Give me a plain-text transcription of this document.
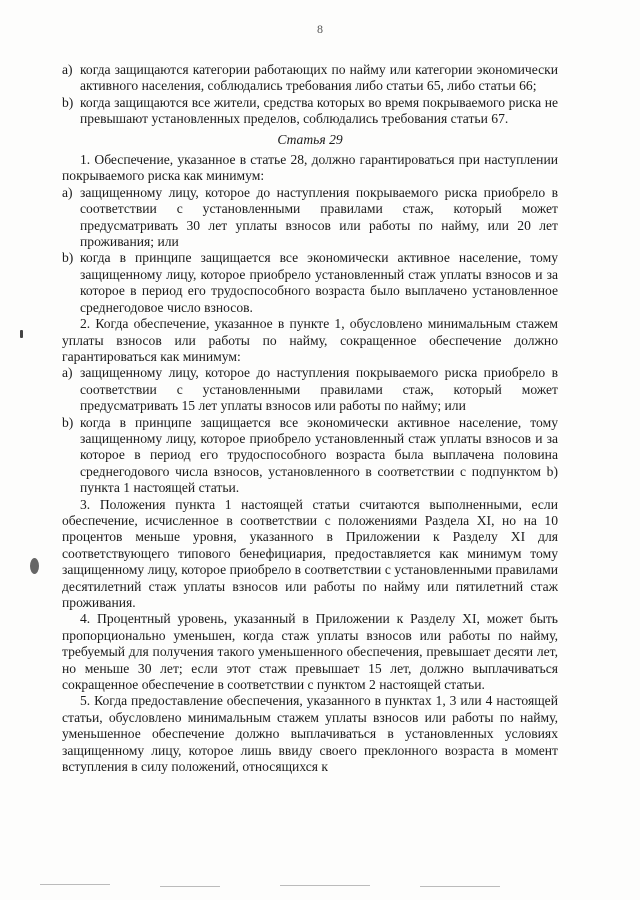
8
a) когда защищаются категории работающих по найму или категории экономически активного населения, соблюдались требования либо статьи 65, либо статьи 66;
b) когда защищаются все жители, средства которых во время покрываемого риска не превышают установленных пределов, соблюдались требования статьи 67.
Статья 29

1. Обеспечение, указанное в статье 28, должно гарантироваться при наступлении покрываемого риска как минимум:

a) защищенному лицу, которое до наступления покрываемого риска приобрело в соответствии с установленными правилами стаж, который может предусматривать 30 лет уплаты взносов или работы по найму, или 20 лет проживания; или
b) когда в принципе защищается все экономически активное население, тому защищенному лицу, которое приобрело установленный стаж уплаты взносов и за которое в период его трудоспособного возраста было выплачено установленное среднегодовое число взносов.

2. Когда обеспечение, указанное в пункте 1, обусловлено минимальным стажем уплаты взносов или работы по найму, сокращенное обеспечение должно гарантироваться как минимум:

a) защищенному лицу, которое до наступления покрываемого риска приобрело в соответствии с установленными правилами стаж, который может предусматривать 15 лет уплаты взносов или работы по найму; или
b) когда в принципе защищается все экономически активное население, тому защищенному лицу, которое приобрело установленный стаж уплаты взносов и за которое в период его трудоспособного возраста была выплачена половина среднегодового числа взносов, установленного в соответствии с подпунктом b) пункта 1 настоящей статьи.

3. Положения пункта 1 настоящей статьи считаются выполненными, если обеспечение, исчисленное в соответствии с положениями Раздела XI, но на 10 процентов меньше уровня, указанного в Приложении к Разделу XI для соответствующего типового бенефициария, предоставляется как минимум тому защищенному лицу, которое приобрело в соответствии с установленными правилами десятилетний стаж уплаты взносов или работы по найму или пятилетний стаж проживания.

4. Процентный уровень, указанный в Приложении к Разделу XI, может быть пропорционально уменьшен, когда стаж уплаты взносов или работы по найму, требуемый для получения такого уменьшенного обеспечения, превышает десяти лет, но меньше 30 лет; если этот стаж превышает 15 лет, должно выплачиваться сокращенное обеспечение в соответствии с пунктом 2 настоящей статьи.

5. Когда предоставление обеспечения, указанного в пунктах 1, 3 или 4 настоящей статьи, обусловлено минимальным стажем уплаты взносов или работы по найму, уменьшенное обеспечение должно выплачиваться в установленных условиях защищенному лицу, которое лишь ввиду своего преклонного возраста в момент вступления в силу положений, относящихся к
